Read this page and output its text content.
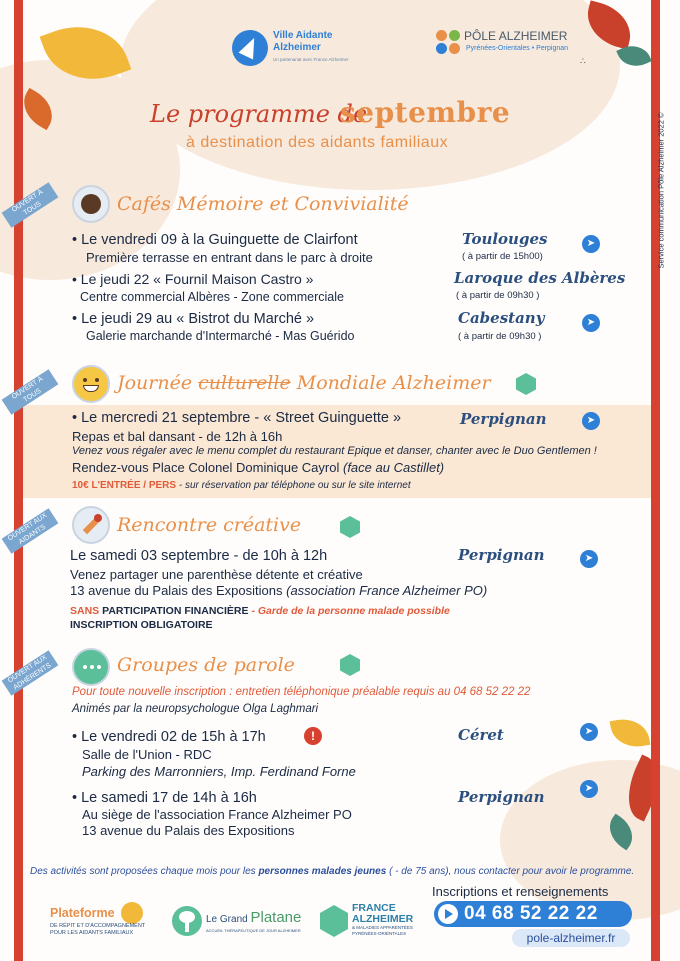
Service communication Pôle Alzheimer 2022 ©
Ville Aidante
Alzheimer
Un partenariat avec France Alzheimer
PÔLE ALZHEIMER
Pyrénées-Orientales • Perpignan
∴
Le programme de
septembre
à destination des aidants familiaux
OUVERT À TOUS	Cafés Mémoire et Convivialité
• Le vendredi 09 à la Guinguette de Clairfont
Première terrasse en entrant dans le parc à droite
Toulouges
( à partir de 15h00)
➤
• Le jeudi 22 « Fournil Maison Castro »
Centre commercial Albères - Zone commerciale
Laroque des Albères
( à partir de 09h30 )
• Le jeudi 29 au « Bistrot du Marché »
Galerie marchande d'Intermarché - Mas Guérido
Cabestany
( à partir de 09h30 )
➤
OUVERT À TOUS
Journée culturelle Mondiale Alzheimer
• Le mercredi 21 septembre - « Street Guinguette »	Perpignan	➤
Repas et bal dansant - de 12h à 16h
Venez vous régaler avec le menu complet du restaurant Epique et danser, chanter avec le Duo Gentlemen !
Rendez-vous Place Colonel Dominique Cayrol (face au Castillet)
10€ L'ENTRÉE / PERS - sur réservation par téléphone ou sur le site internet
OUVERT AUX AIDANTS	Rencontre créative
Le samedi 03 septembre - de 10h à 12h	Perpignan	➤
Venez partager une parenthèse détente et créative
13 avenue du Palais des Expositions (association France Alzheimer PO)
SANS PARTICIPATION FINANCIÈRE - Garde de la personne malade possible
INSCRIPTION OBLIGATOIRE
OUVERT AUX ADHÉRENTS	Groupes de parole
Pour toute nouvelle inscription : entretien téléphonique préalable requis au 04 68 52 22 22
Animés par la neuropsychologue Olga Laghmari
• Le vendredi 02 de 15h à 17h	!	Céret	➤
Salle de l'Union - RDC
Parking des Marronniers, Imp. Ferdinand Forne
• Le samedi 17 de 14h à 16h	Perpignan	➤
Au siège de l'association France Alzheimer PO
13 avenue du Palais des Expositions
Des activités sont proposées chaque mois pour les personnes malades jeunes ( - de 75 ans), nous contacter pour avoir le programme.
Plateforme
DE RÉPIT ET D'ACCOMPAGNEMENT
POUR LES AIDANTS FAMILIAUX
Le Grand Platane
ACCUEIL THÉRAPEUTIQUE DE JOUR ALZHEIMER
FRANCE
ALZHEIMER
& MALADIES APPARENTÉES
PYRÉNÉES-ORIENTALES
Inscriptions et renseignements
04 68 52 22 22
pole-alzheimer.fr
